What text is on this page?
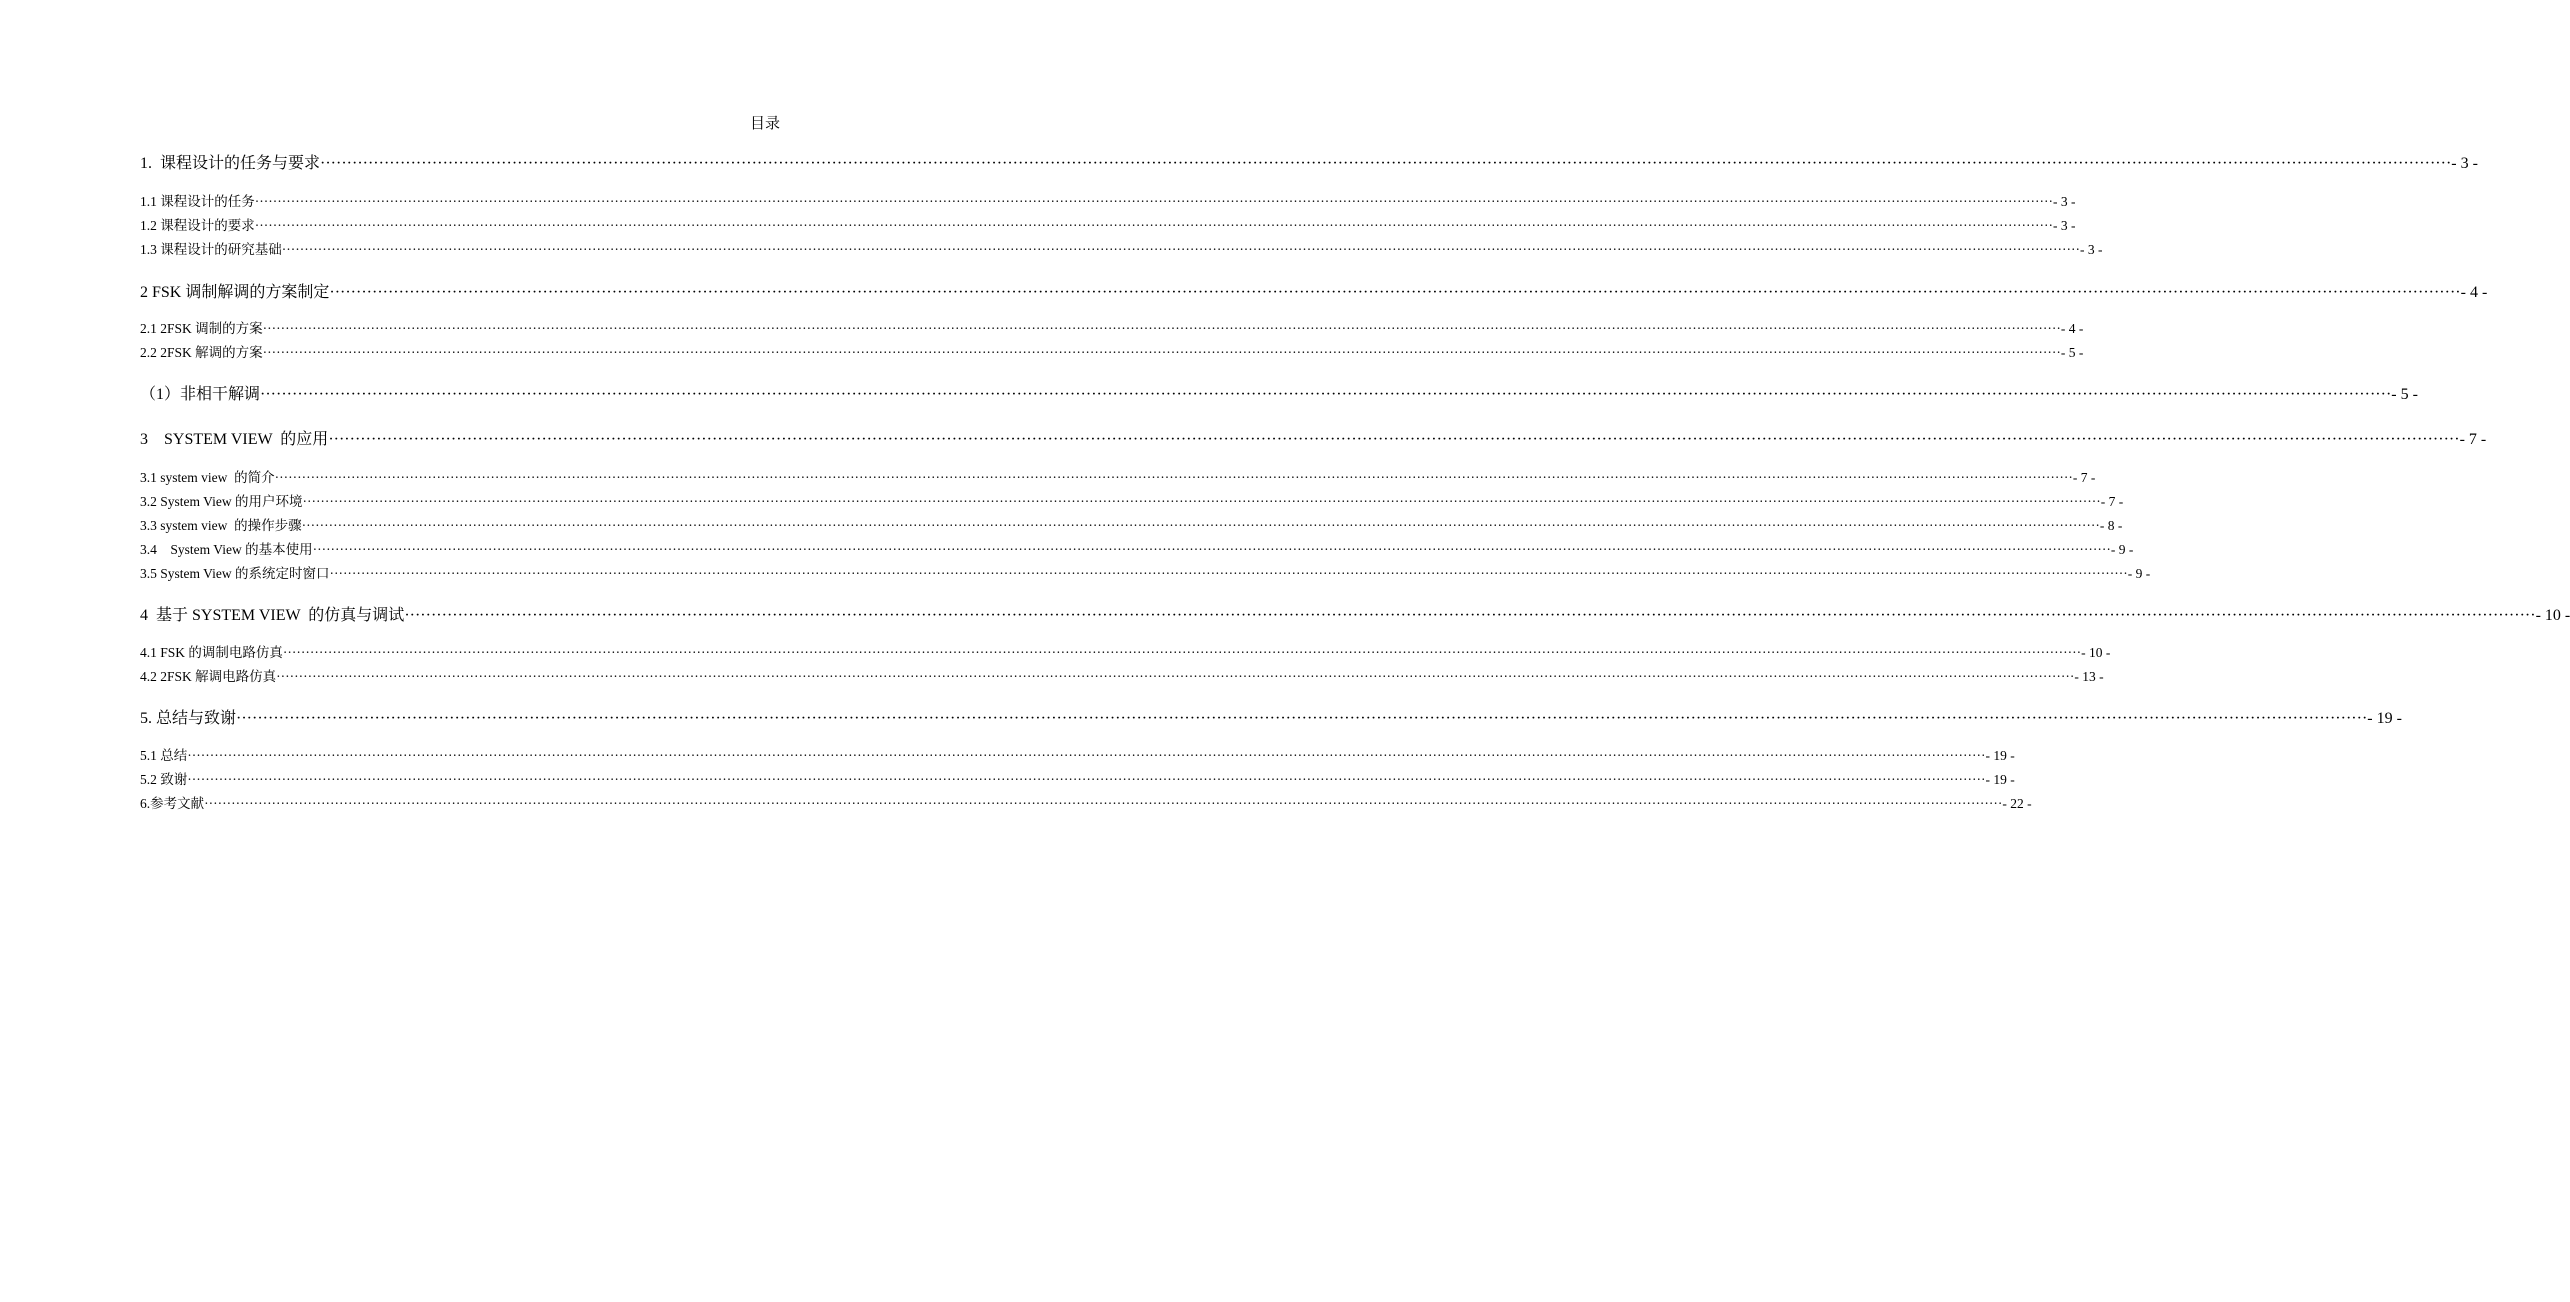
目录
1.  课程设计的任务与要求 ················································································································································································································································································································································································································ - 3 -
1.1 课程设计的任务 ················································································································································································································································································································································································································ - 3 -
1.2 课程设计的要求 ················································································································································································································································································································································································································ - 3 -
1.3 课程设计的研究基础 ················································································································································································································································································································································································································ - 3 -
2 FSK 调制解调的方案制定 ················································································································································································································································································································································································································ - 4 -
2.1 2FSK 调制的方案 ················································································································································································································································································································································································································ - 4 -
2.2 2FSK 解调的方案 ················································································································································································································································································································································································································ - 5 -
（1）非相干解调 ················································································································································································································································································································································································································ - 5 -
3    SYSTEM VIEW  的应用 ················································································································································································································································································································································································································ - 7 -
3.1 system view  的简介 ················································································································································································································································································································································································································ - 7 -
3.2 System View 的用户环境 ················································································································································································································································································································································································································ - 7 -
3.3 system view  的操作步骤 ················································································································································································································································································································································································································ - 8 -
3.4    System View 的基本使用 ················································································································································································································································································································································································································ - 9 -
3.5 System View 的系统定时窗口 ················································································································································································································································································································································································································ - 9 -
4  基于 SYSTEM VIEW  的仿真与调试 ················································································································································································································································································································································································································ - 10 -
4.1 FSK 的调制电路仿真 ················································································································································································································································································································································································································ - 10 -
4.2 2FSK 解调电路仿真 ················································································································································································································································································································································································································ - 13 -
5. 总结与致谢 ················································································································································································································································································································································································································ - 19 -
5.1 总结 ················································································································································································································································································································································································································ - 19 -
5.2 致谢 ················································································································································································································································································································································································································ - 19 -
6.参考文献 ················································································································································································································································································································································································································ - 22 -
